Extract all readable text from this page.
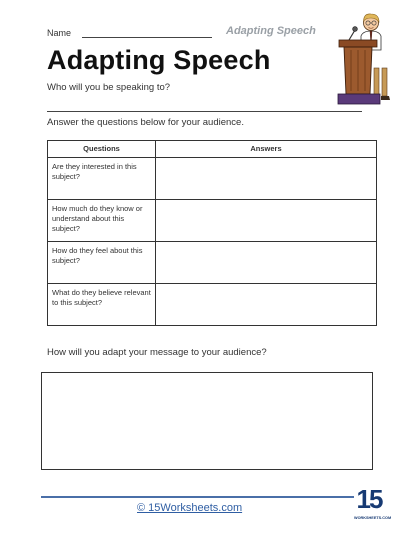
Name	Adapting Speech
Adapting Speech
Who will you be speaking to?
Answer the questions below for your audience.
Questions	Answers
Are they interested in this subject?	
How much do they know or understand about this subject?	
How do they feel about this subject?	
What do they believe relevant to this subject?	
How will you adapt your message to your audience?
© 15Worksheets.com	15
WORKSHEETS.COM
